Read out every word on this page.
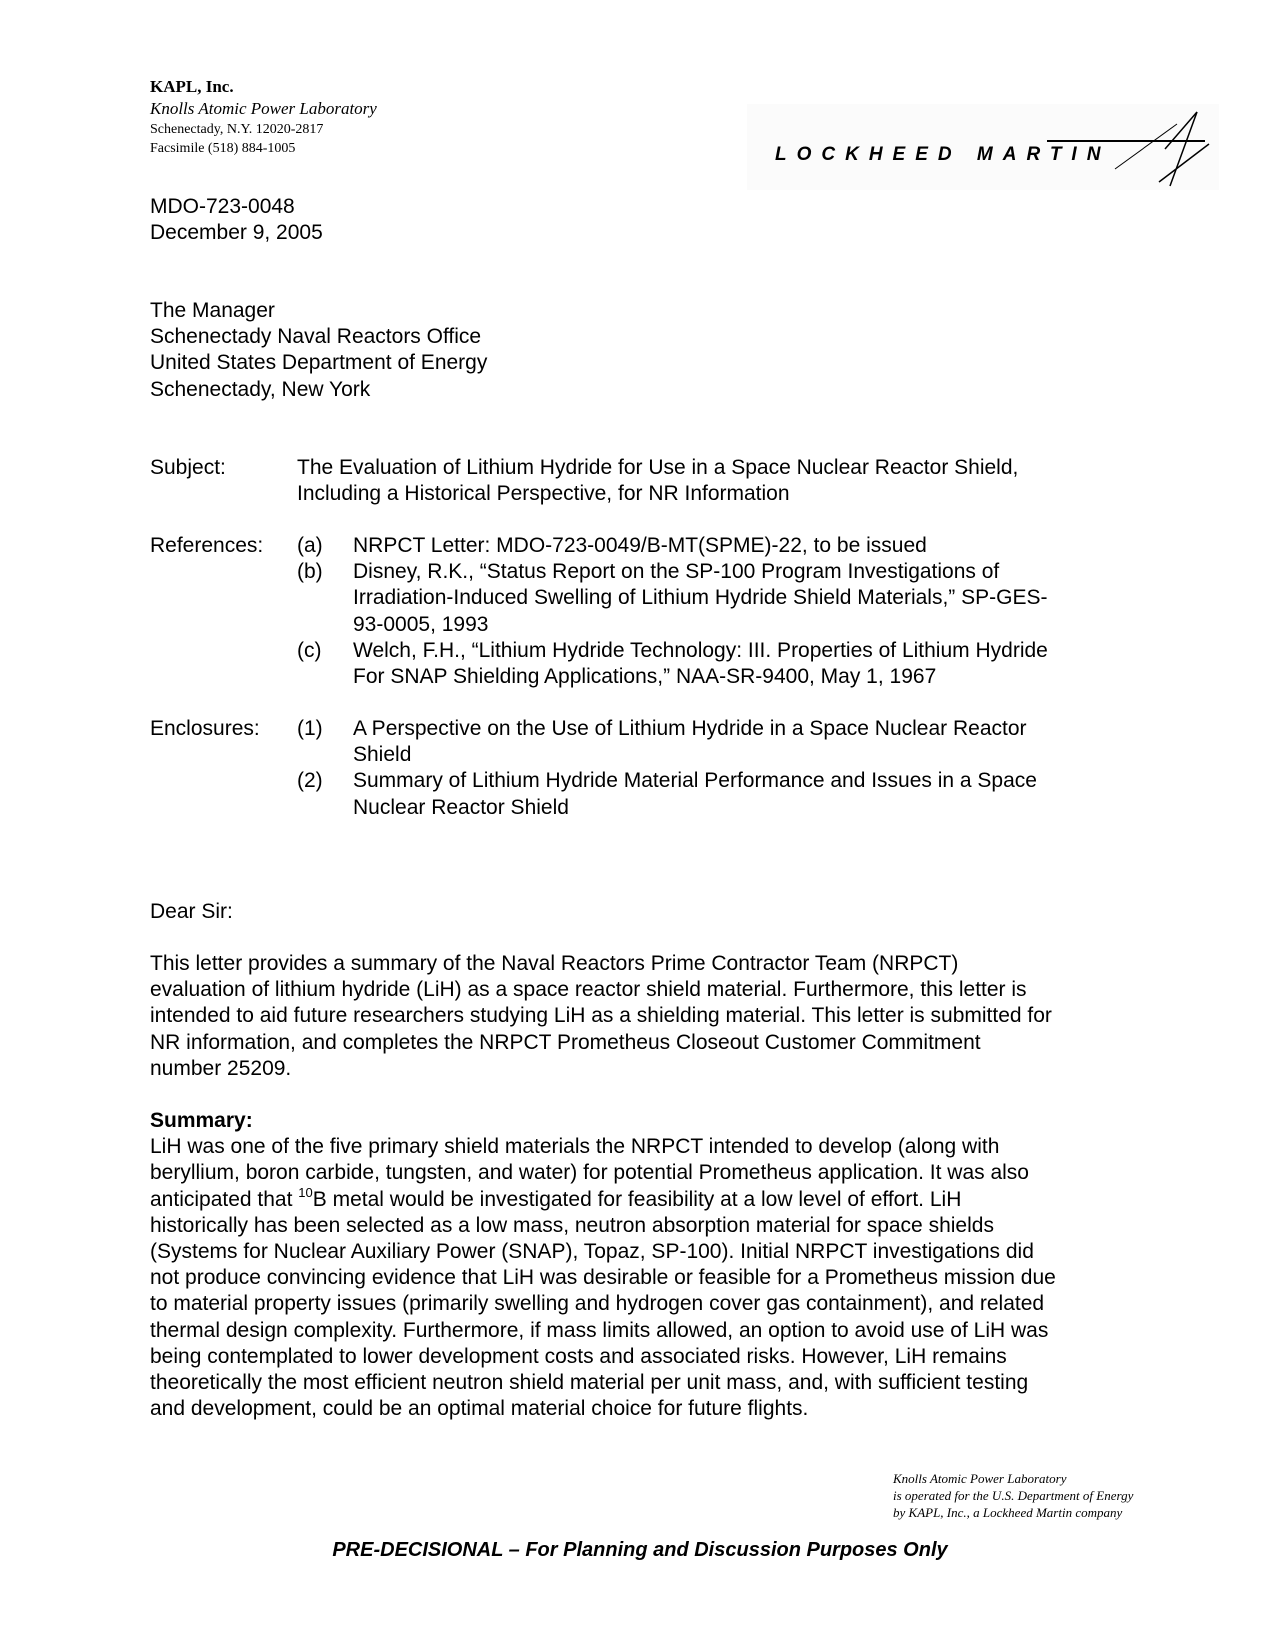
KAPL, Inc.
Knolls Atomic Power Laboratory
Schenectady, N.Y. 12020-2817
Facsimile (518) 884-1005	LOCKHEED MARTIN
MDO-723-0048
December 9, 2005
The Manager
Schenectady Naval Reactors Office
United States Department of Energy
Schenectady, New York
Subject:	The Evaluation of Lithium Hydride for Use in a Space Nuclear Reactor Shield,
Including a Historical Perspective, for NR Information
References: (a) NRPCT Letter: MDO-723-0049/B-MT(SPME)-22, to be issued
(b) Disney, R.K., “Status Report on the SP-100 Program Investigations of
Irradiation-Induced Swelling of Lithium Hydride Shield Materials,” SP-GES-
93-0005, 1993
(c) Welch, F.H., “Lithium Hydride Technology: III. Properties of Lithium Hydride
For SNAP Shielding Applications,” NAA-SR-9400, May 1, 1967
Enclosures: (1) A Perspective on the Use of Lithium Hydride in a Space Nuclear Reactor
Shield
(2) Summary of Lithium Hydride Material Performance and Issues in a Space
Nuclear Reactor Shield
Dear Sir:
This letter provides a summary of the Naval Reactors Prime Contractor Team (NRPCT)
evaluation of lithium hydride (LiH) as a space reactor shield material. Furthermore, this letter is
intended to aid future researchers studying LiH as a shielding material. This letter is submitted for
NR information, and completes the NRPCT Prometheus Closeout Customer Commitment
number 25209.
Summary:
LiH was one of the five primary shield materials the NRPCT intended to develop (along with
beryllium, boron carbide, tungsten, and water) for potential Prometheus application. It was also
anticipated that $^{10}$B metal would be investigated for feasibility at a low level of effort. LiH
historically has been selected as a low mass, neutron absorption material for space shields
(Systems for Nuclear Auxiliary Power (SNAP), Topaz, SP-100). Initial NRPCT investigations did
not produce convincing evidence that LiH was desirable or feasible for a Prometheus mission due
to material property issues (primarily swelling and hydrogen cover gas containment), and related
thermal design complexity. Furthermore, if mass limits allowed, an option to avoid use of LiH was
being contemplated to lower development costs and associated risks. However, LiH remains
theoretically the most efficient neutron shield material per unit mass, and, with sufficient testing
and development, could be an optimal material choice for future flights.
Knolls Atomic Power Laboratory
is operated for the U.S. Department of Energy
by KAPL, Inc., a Lockheed Martin company
PRE-DECISIONAL – For Planning and Discussion Purposes Only
